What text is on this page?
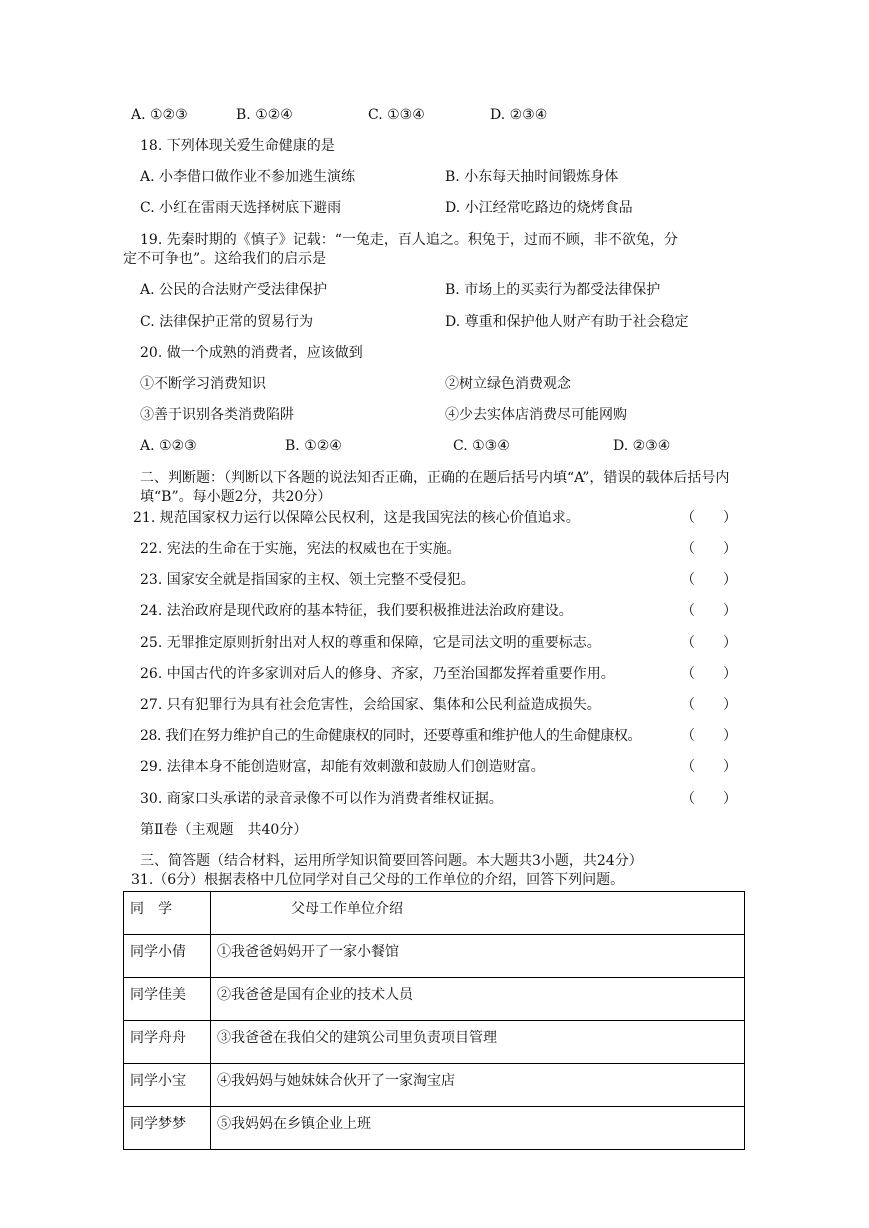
A. ①②③	B. ①②④	C. ①③④	D. ②③④
18. 下列体现关爱生命健康的是
A. 小李借口做作业不参加逃生演练	B. 小东每天抽时间锻炼身体
C. 小红在雷雨天选择树底下避雨	D. 小江经常吃路边的烧烤食品
19. 先秦时期的《慎子》记载：“一兔走，百人追之。积兔于，过而不顾，非不欲兔，分
定不可争也”。这给我们的启示是
A. 公民的合法财产受法律保护	B. 市场上的买卖行为都受法律保护
C. 法律保护正常的贸易行为	D. 尊重和保护他人财产有助于社会稳定
20. 做一个成熟的消费者，应该做到
①不断学习消费知识	②树立绿色消费观念
③善于识别各类消费陷阱	④少去实体店消费尽可能网购
A. ①②③	B. ①②④	C. ①③④	D. ②③④
二、判断题：（判断以下各题的说法知否正确，正确的在题后括号内填“A”，错误的载体后括号内填“B”。每小题2分，共20分）
21. 规范国家权力运行以保障公民权利，这是我国宪法的核心价值追求。	（　　）
22. 宪法的生命在于实施，宪法的权威也在于实施。	（　　）
23. 国家安全就是指国家的主权、领土完整不受侵犯。	（　　）
24. 法治政府是现代政府的基本特征，我们要积极推进法治政府建设。	（　　）
25. 无罪推定原则折射出对人权的尊重和保障，它是司法文明的重要标志。	（　　）
26. 中国古代的许多家训对后人的修身、齐家，乃至治国都发挥着重要作用。	（　　）
27. 只有犯罪行为具有社会危害性，会给国家、集体和公民利益造成损失。	（　　）
28. 我们在努力维护自己的生命健康权的同时，还要尊重和维护他人的生命健康权。	（　　）
29. 法律本身不能创造财富，却能有效刺激和鼓励人们创造财富。	（　　）
30. 商家口头承诺的录音录像不可以作为消费者维权证据。	（　　）
第Ⅱ卷（主观题　共40分）
三、简答题（结合材料，运用所学知识简要回答问题。本大题共3小题，共24分）
31.（6分）根据表格中几位同学对自己父母的工作单位的介绍，回答下列问题。
同　学	父母工作单位介绍
同学小倩	①我爸爸妈妈开了一家小餐馆
同学佳美	②我爸爸是国有企业的技术人员
同学舟舟	③我爸爸在我伯父的建筑公司里负责项目管理
同学小宝	④我妈妈与她妹妹合伙开了一家淘宝店
同学梦梦	⑤我妈妈在乡镇企业上班
